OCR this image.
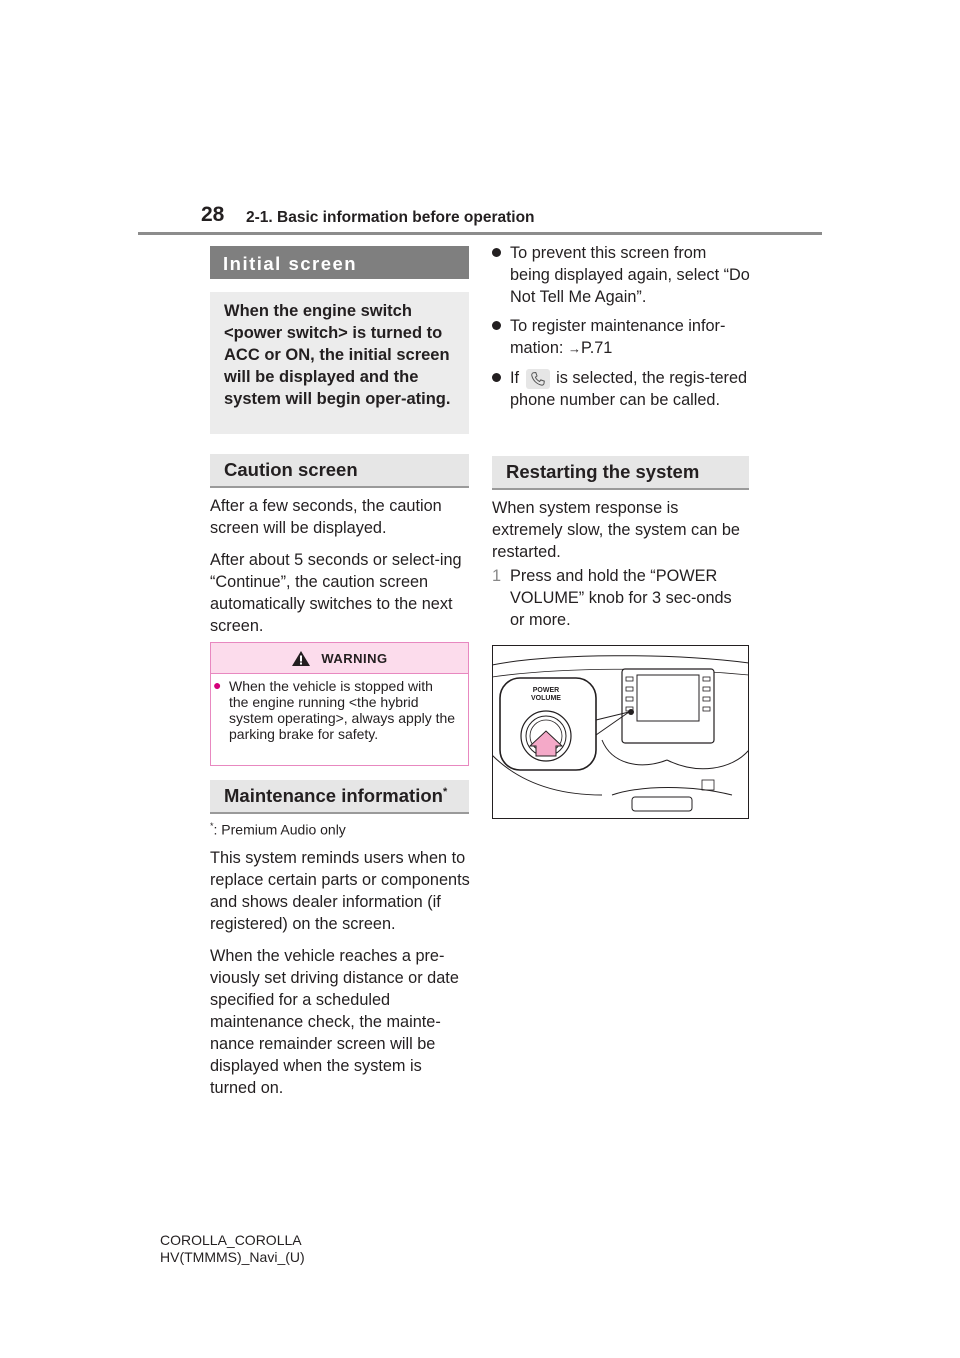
28 2-1. Basic information before operation
Initial screen
When the engine switch <power switch> is turned to ACC or ON, the initial screen will be displayed and the system will begin oper-ating.
Caution screen

After a few seconds, the caution screen will be displayed.

After about 5 seconds or select-ing “Continue”, the caution screen automatically switches to the next screen.

WARNING
● When the vehicle is stopped with the engine running <the hybrid system operating>, always apply the parking brake for safety.
Maintenance information*
*: Premium Audio only

This system reminds users when to replace certain parts or components and shows dealer information (if registered) on the screen.

When the vehicle reaches a pre-viously set driving distance or date specified for a scheduled maintenance check, the mainte-nance remainder screen will be displayed when the system is turned on.

To prevent this screen from being displayed again, select “Do Not Tell Me Again”.
To register maintenance infor-mation: →P.71
If is selected, the regis-tered phone number can be called.
Restarting the system

When system response is extremely slow, the system can be restarted.

1 Press and hold the “POWER VOLUME” knob for 3 sec-onds or more.
POWER
VOLUME
COROLLA_COROLLA
HV(TMMMS)_Navi_(U)
